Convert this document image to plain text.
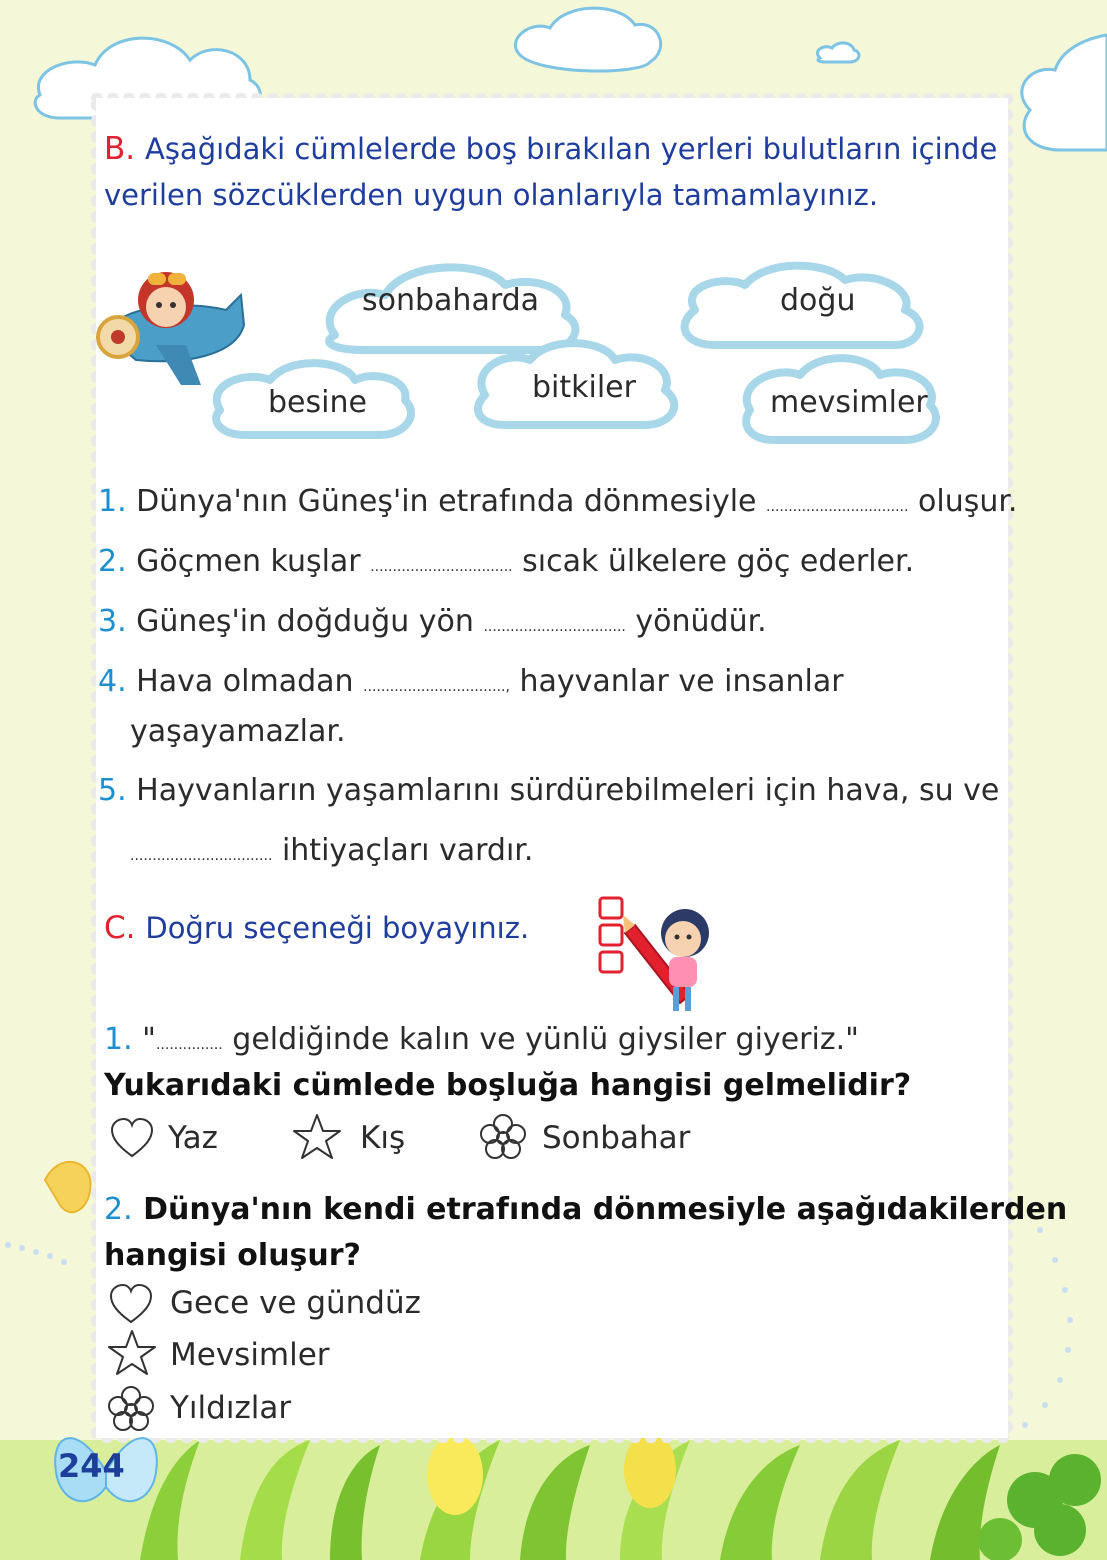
B. Aşağıdaki cümlelerde boş bırakılan yerleri bulutların içinde
verilen sözcüklerden uygun olanlarıyla tamamlayınız.
sonbaharda	doğu
besine	bitkiler	mevsimler
1. Dünya'nın Güneş'in etrafında dönmesiyle ................................ oluşur.
2. Göçmen kuşlar ................................ sıcak ülkelere göç ederler.
3. Güneş'in doğduğu yön ................................ yönüdür.
4. Hava olmadan ................................, hayvanlar ve insanlar
yaşayamazlar.
5. Hayvanların yaşamlarını sürdürebilmeleri için hava, su ve
................................ ihtiyaçları vardır.
C. Doğru seçeneği boyayınız.
1. "............... geldiğinde kalın ve yünlü giysiler giyeriz."
Yukarıdaki cümlede boşluğa hangisi gelmelidir?
Yaz	Kış	Sonbahar
2. Dünya'nın kendi etrafında dönmesiyle aşağıdakilerden
hangisi oluşur?
Gece ve gündüz
Mevsimler
Yıldızlar
244
